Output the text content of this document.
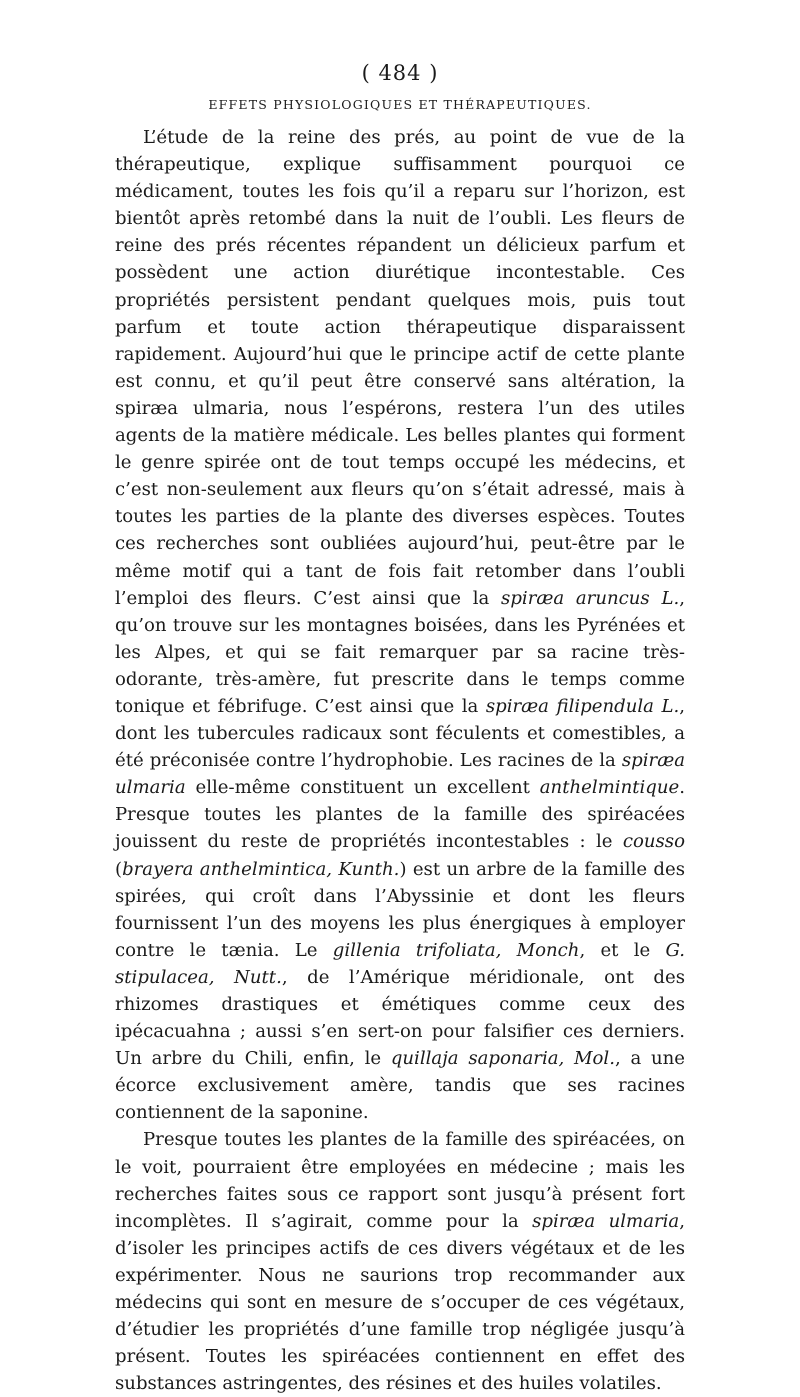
( 484 )

EFFETS PHYSIOLOGIQUES ET THÉRAPEUTIQUES.

L’étude de la reine des prés, au point de vue de la thérapeutique, explique suffisamment pourquoi ce médicament, toutes les fois qu’il a reparu sur l’horizon, est bientôt après retombé dans la nuit de l’oubli. Les fleurs de reine des prés récentes répandent un délicieux parfum et possèdent une action diurétique incontestable. Ces propriétés persistent pendant quelques mois, puis tout parfum et toute action thérapeutique disparaissent rapidement. Aujourd’hui que le principe actif de cette plante est connu, et qu’il peut être conservé sans altération, la spiræa ulmaria, nous l’espérons, restera l’un des utiles agents de la matière médicale. Les belles plantes qui forment le genre spirée ont de tout temps occupé les médecins, et c’est non-seulement aux fleurs qu’on s’était adressé, mais à toutes les parties de la plante des diverses espèces. Toutes ces recherches sont oubliées aujourd’hui, peut-être par le même motif qui a tant de fois fait retomber dans l’oubli l’emploi des fleurs. C’est ainsi que la spiræa aruncus L., qu’on trouve sur les montagnes boisées, dans les Pyrénées et les Alpes, et qui se fait remarquer par sa racine très-odorante, très-amère, fut prescrite dans le temps comme tonique et fébrifuge. C’est ainsi que la spiræa filipendula L., dont les tubercules radicaux sont féculents et comestibles, a été préconisée contre l’hydrophobie. Les racines de la spiræa ulmaria elle-même constituent un excellent anthelmintique. Presque toutes les plantes de la famille des spiréacées jouissent du reste de propriétés incontestables : le cousso (brayera anthelmintica, Kunth.) est un arbre de la famille des spirées, qui croît dans l’Abyssinie et dont les fleurs fournissent l’un des moyens les plus énergiques à employer contre le tænia. Le gillenia trifoliata, Monch, et le G. stipulacea, Nutt., de l’Amérique méridionale, ont des rhizomes drastiques et émétiques comme ceux des ipécacuahna ; aussi s’en sert-on pour falsifier ces derniers. Un arbre du Chili, enfin, le quillaja saponaria, Mol., a une écorce exclusivement amère, tandis que ses racines contiennent de la saponine.

Presque toutes les plantes de la famille des spiréacées, on le voit, pourraient être employées en médecine ; mais les recherches faites sous ce rapport sont jusqu’à présent fort incomplètes. Il s’agirait, comme pour la spiræa ulmaria, d’isoler les principes actifs de ces divers végétaux et de les expérimenter. Nous ne saurions trop recommander aux médecins qui sont en mesure de s’occuper de ces végétaux, d’étudier les propriétés d’une famille trop négligée jusqu’à présent. Toutes les spiréacées contiennent en effet des substances astringentes, des résines et des huiles volatiles.
